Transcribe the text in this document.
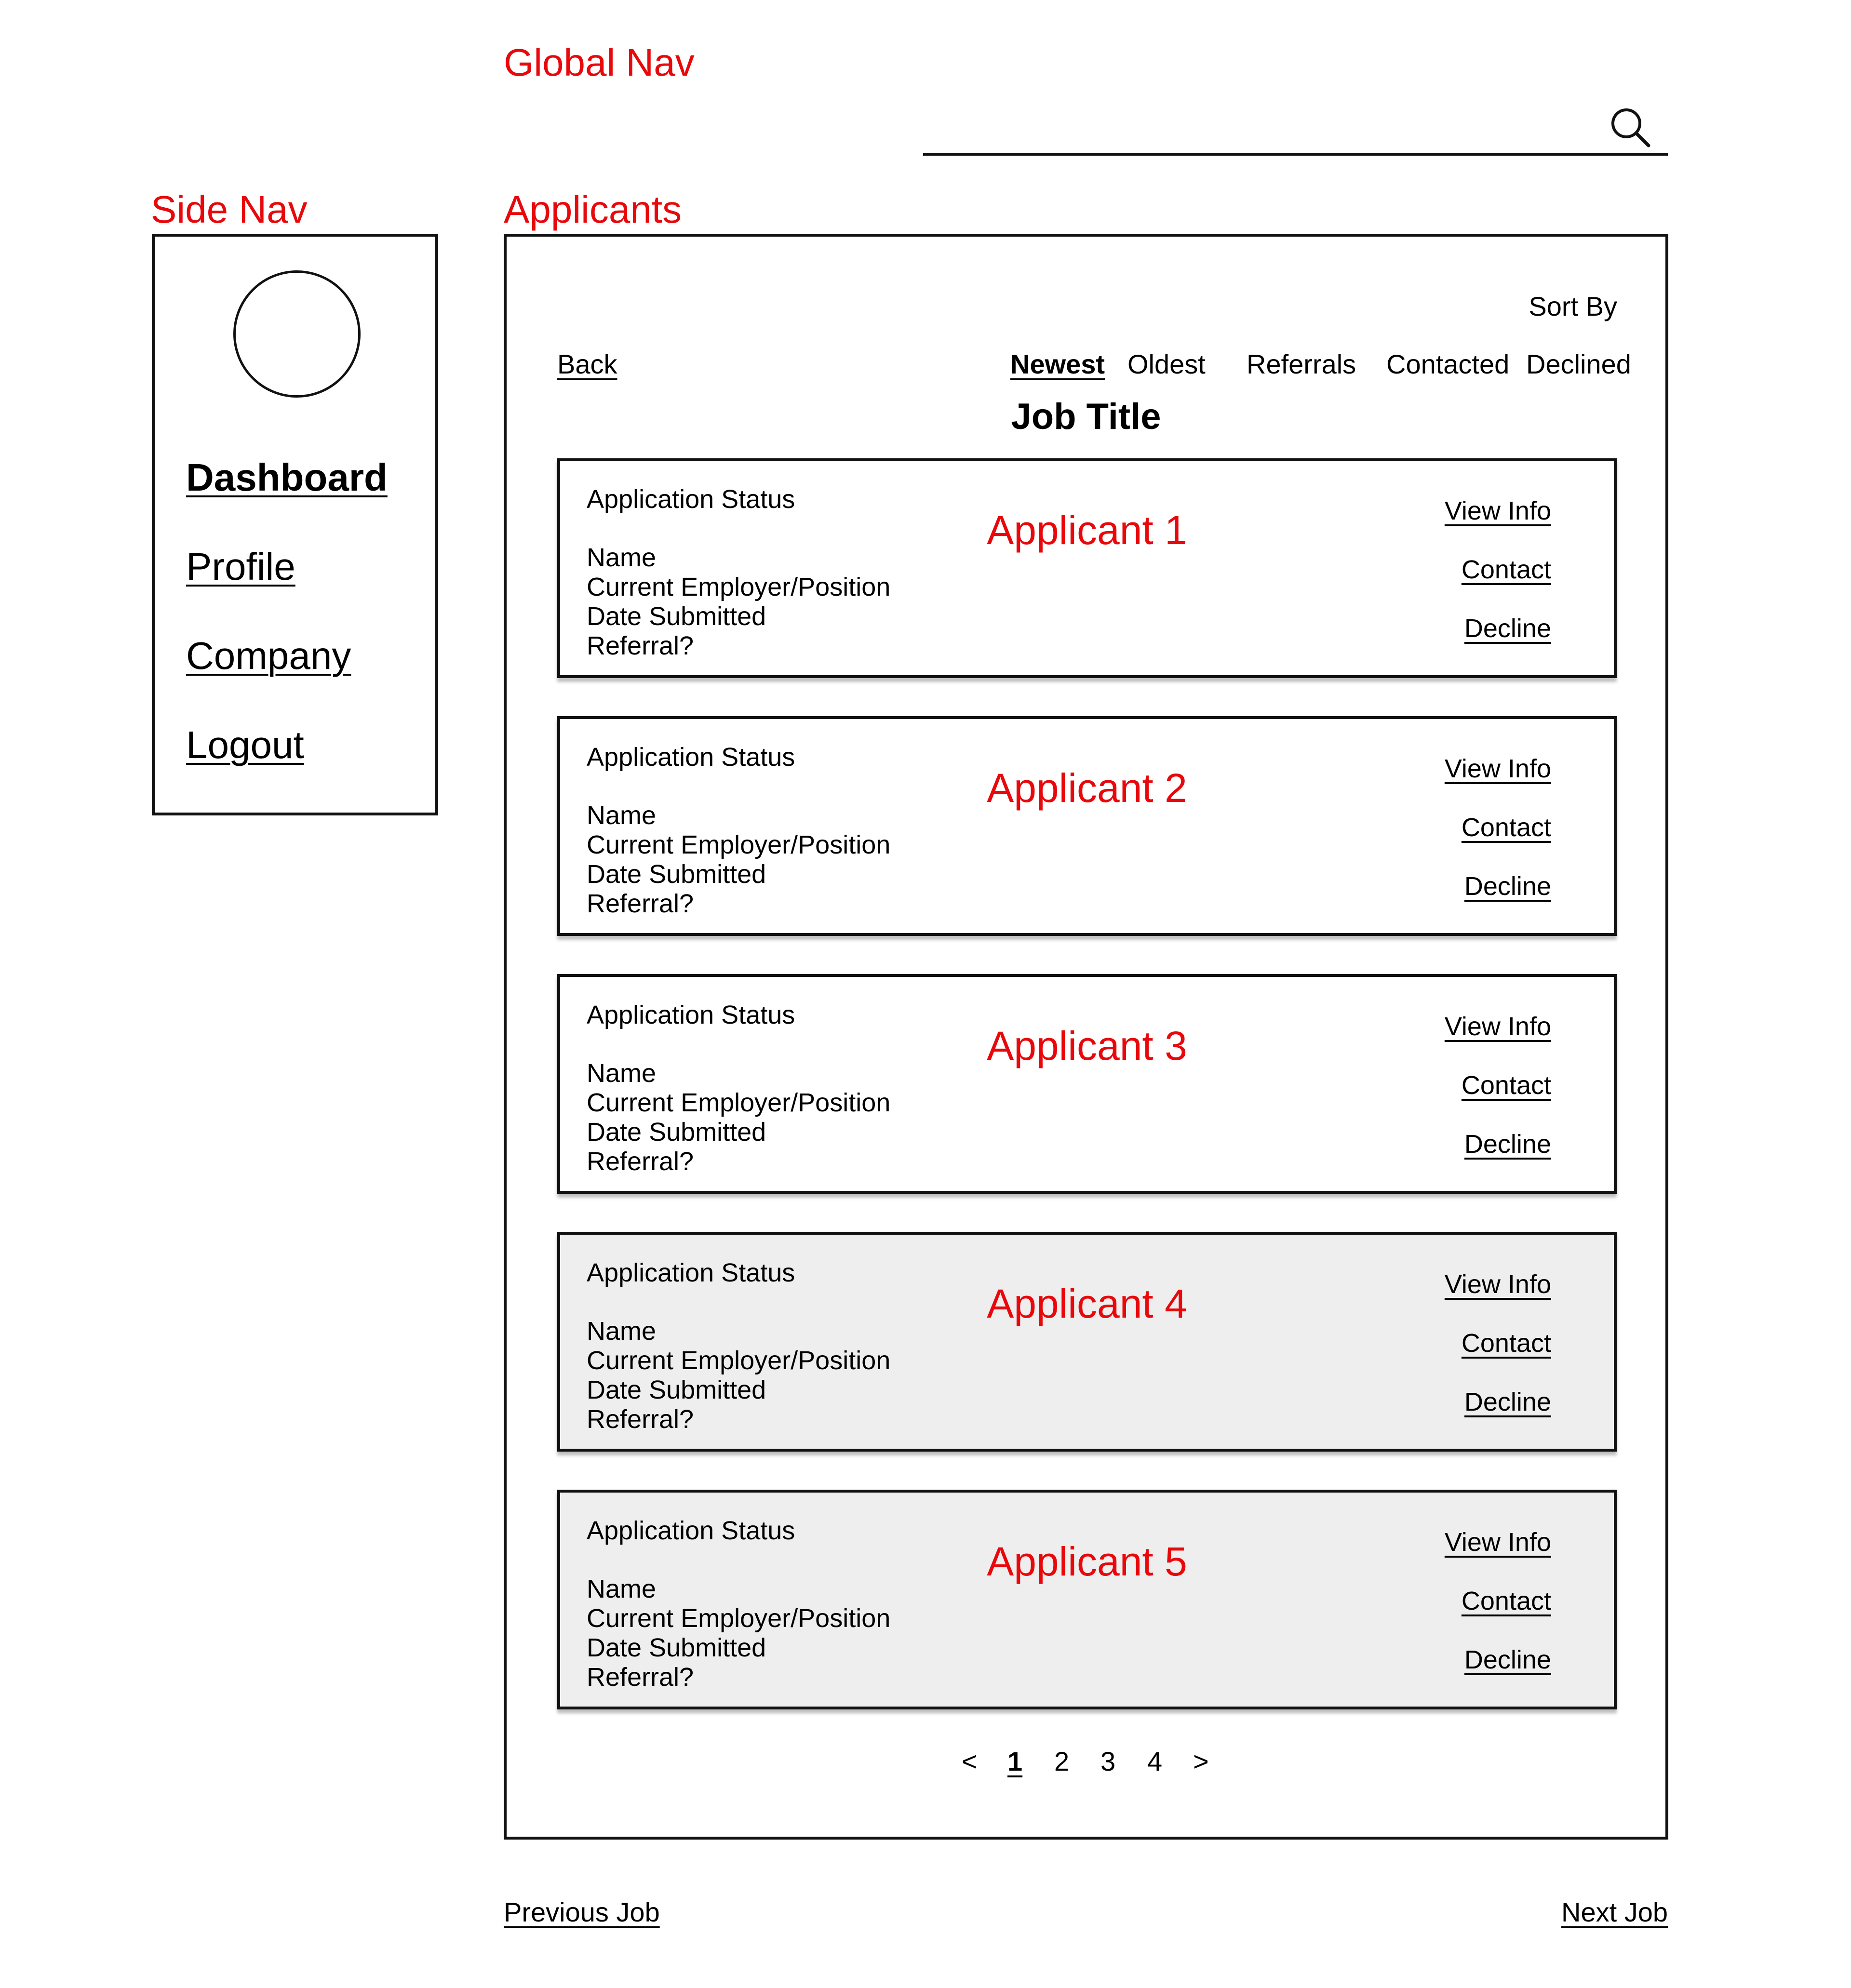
Global Nav
Side Nav	Applicants
Dashboard
Profile
Company
Logout
Sort By
Back	Newest Oldest Referrals Contacted Declined
Job Title
Application Status
Applicant 1
Name
Current Employer/Position
Date Submitted
Referral?
View Info
Contact
Decline
Application Status
Applicant 2
Name
Current Employer/Position
Date Submitted
Referral?
View Info
Contact
Decline
Application Status
Applicant 3
Name
Current Employer/Position
Date Submitted
Referral?
View Info
Contact
Decline
Application Status
Applicant 4
Name
Current Employer/Position
Date Submitted
Referral?
View Info
Contact
Decline
Application Status
Applicant 5
Name
Current Employer/Position
Date Submitted
Referral?
View Info
Contact
Decline
< 1 2 3 4 >
Previous Job	Next Job
